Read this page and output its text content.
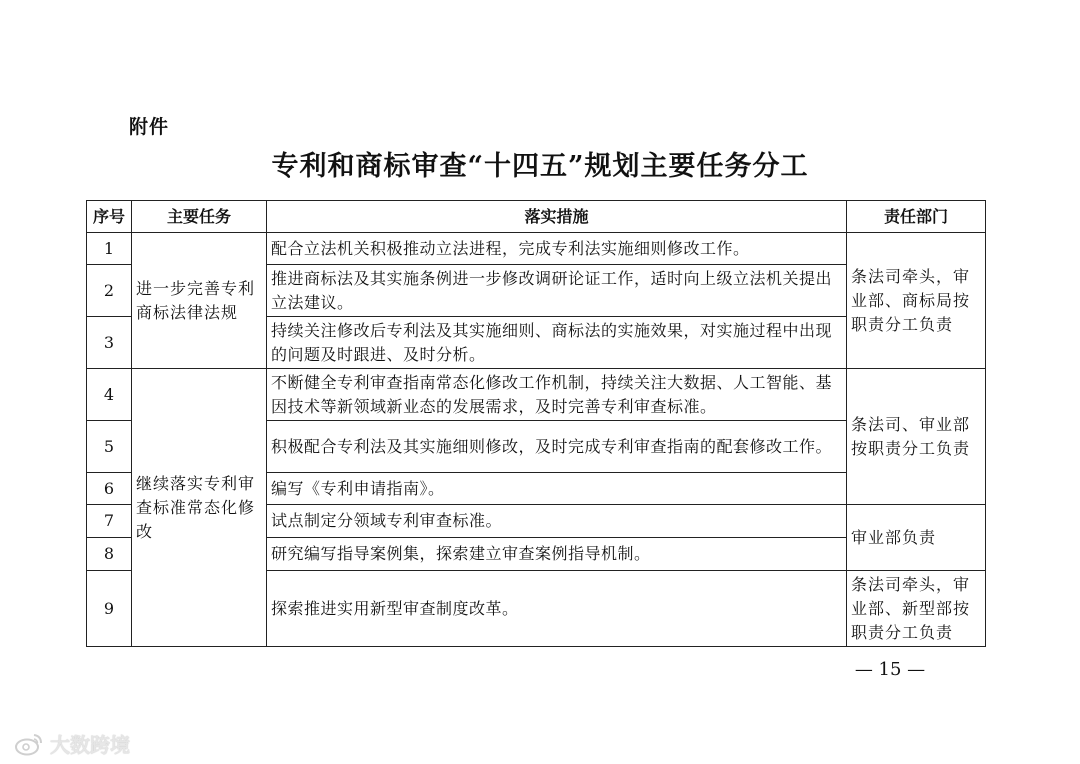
附件
专利和商标审查“十四五”规划主要任务分工
序号	主要任务	落实措施	责任部门
1	进一步完善专利商标法律法规	配合立法机关积极推动立法进程，完成专利法实施细则修改工作。	条法司牵头，审业部、商标局按职责分工负责
2		推进商标法及其实施条例进一步修改调研论证工作，适时向上级立法机关提出立法建议。	
3		持续关注修改后专利法及其实施细则、商标法的实施效果，对实施过程中出现的问题及时跟进、及时分析。	
4	继续落实专利审查标准常态化修改	不断健全专利审查指南常态化修改工作机制，持续关注大数据、人工智能、基因技术等新领域新业态的发展需求，及时完善专利审查标准。	条法司、审业部按职责分工负责
5		积极配合专利法及其实施细则修改，及时完成专利审查指南的配套修改工作。	
6		编写《专利申请指南》。	
7		试点制定分领域专利审查标准。	审业部负责
8		研究编写指导案例集，探索建立审查案例指导机制。	
9		探索推进实用新型审查制度改革。	条法司牵头，审业部、新型部按职责分工负责
— 15 —
大数跨境
